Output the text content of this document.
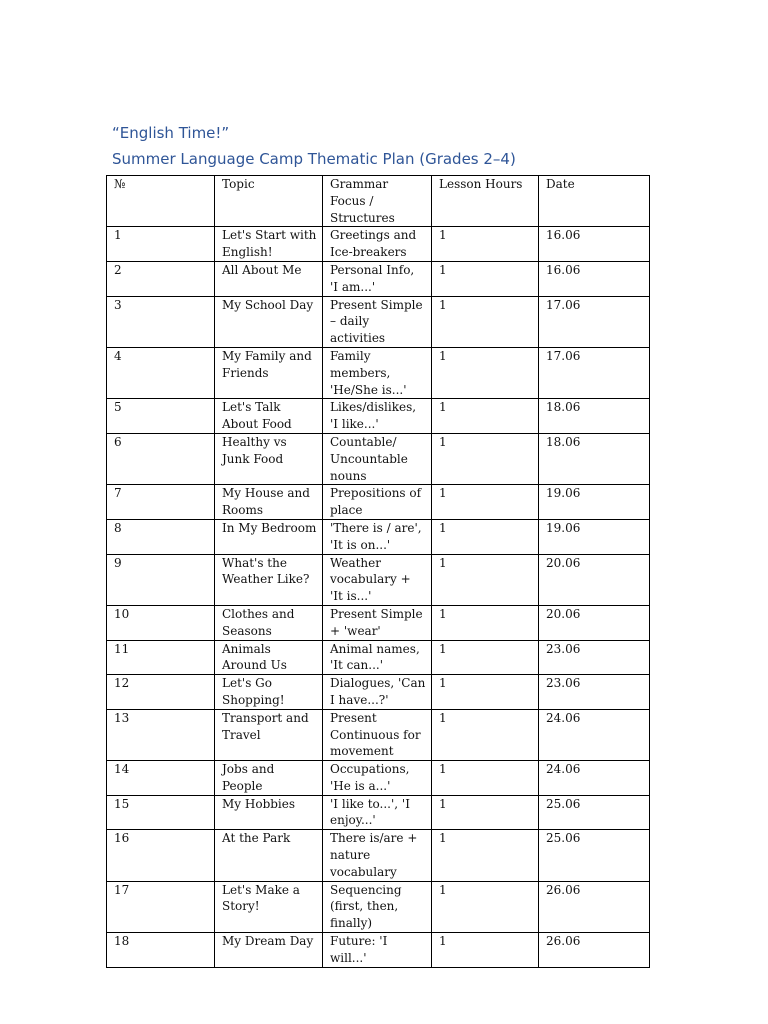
“English Time!”
Summer Language Camp Thematic Plan (Grades 2–4)
№	Topic	Grammar Focus / Structures	Lesson Hours	Date
1	Let's Start with English!	Greetings and Ice-breakers	1	16.06
2	All About Me	Personal Info, 'I am...'	1	16.06
3	My School Day	Present Simple – daily activities	1	17.06
4	My Family and Friends	Family members, 'He/She is...'	1	17.06
5	Let's Talk About Food	Likes/dislikes, 'I like...'	1	18.06
6	Healthy vs Junk Food	Countable/ Uncountable nouns	1	18.06
7	My House and Rooms	Prepositions of place	1	19.06
8	In My Bedroom	'There is / are', 'It is on...'	1	19.06
9	What's the Weather Like?	Weather vocabulary + 'It is...'	1	20.06
10	Clothes and Seasons	Present Simple + 'wear'	1	20.06
11	Animals Around Us	Animal names, 'It can...'	1	23.06
12	Let's Go Shopping!	Dialogues, 'Can I have...?'	1	23.06
13	Transport and Travel	Present Continuous for movement	1	24.06
14	Jobs and People	Occupations, 'He is a...'	1	24.06
15	My Hobbies	'I like to...', 'I enjoy...'	1	25.06
16	At the Park	There is/are + nature vocabulary	1	25.06
17	Let's Make a Story!	Sequencing (first, then, finally)	1	26.06
18	My Dream Day	Future: 'I will...'	1	26.06
